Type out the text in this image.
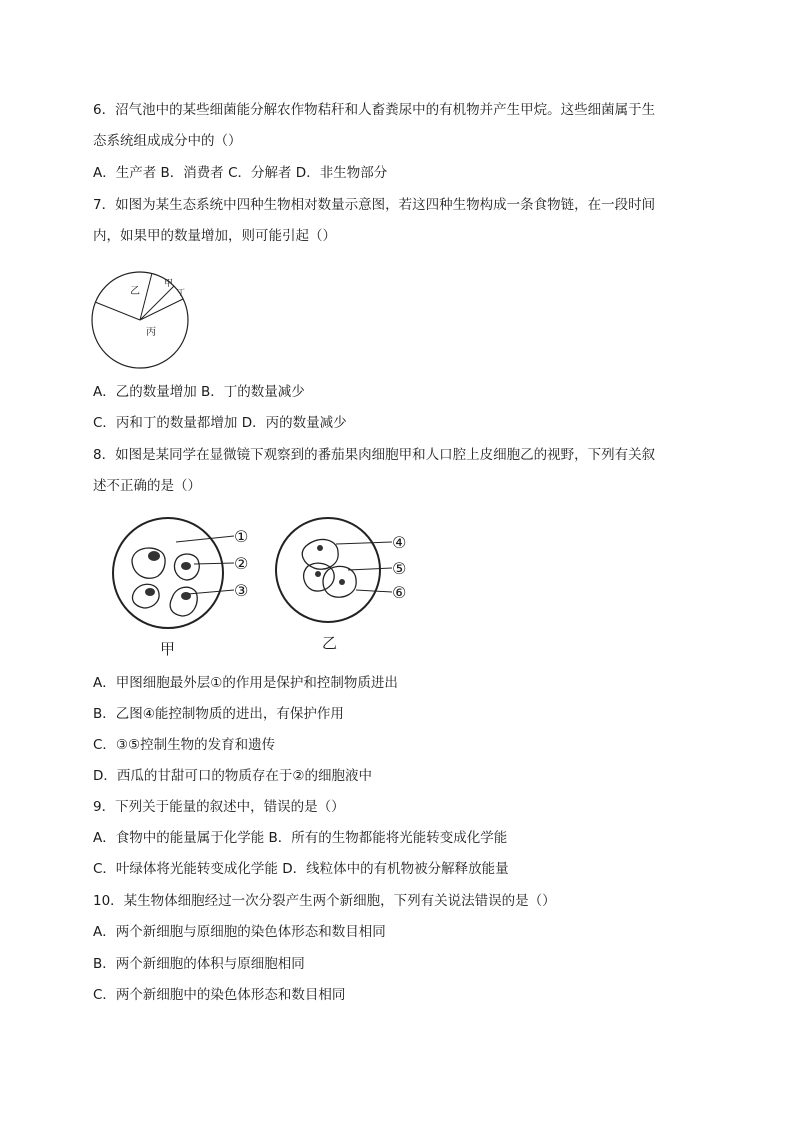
6．沼气池中的某些细菌能分解农作物秸秆和人畜粪尿中的有机物并产生甲烷。这些细菌属于生
态系统组成成分中的（）
A．生产者 B．消费者 C．分解者 D．非生物部分
7．如图为某生态系统中四种生物相对数量示意图，若这四种生物构成一条食物链，在一段时间
内，如果甲的数量增加，则可能引起（）
乙
甲
丁
丙
A．乙的数量增加 B．丁的数量减少
C．丙和丁的数量都增加 D．丙的数量减少
8．如图是某同学在显微镜下观察到的番茄果肉细胞甲和人口腔上皮细胞乙的视野，下列有关叙
述不正确的是（）
①
②
③
甲
④
⑤
⑥
乙
A．甲图细胞最外层①的作用是保护和控制物质进出
B．乙图④能控制物质的进出，有保护作用
C．③⑤控制生物的发育和遗传
D．西瓜的甘甜可口的物质存在于②的细胞液中
9．下列关于能量的叙述中，错误的是（）
A．食物中的能量属于化学能 B．所有的生物都能将光能转变成化学能
C．叶绿体将光能转变成化学能 D．线粒体中的有机物被分解释放能量
10．某生物体细胞经过一次分裂产生两个新细胞，下列有关说法错误的是（）
A．两个新细胞与原细胞的染色体形态和数目相同
B．两个新细胞的体积与原细胞相同
C．两个新细胞中的染色体形态和数目相同
